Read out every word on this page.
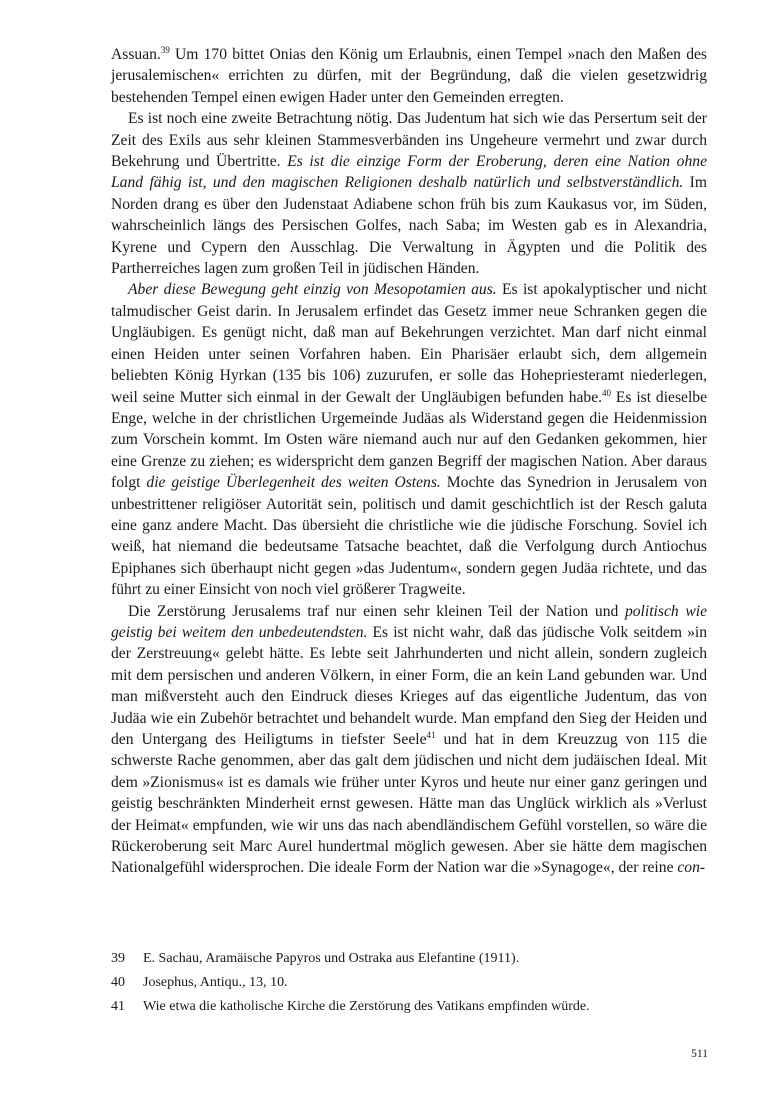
Assuan.$^{39}$ Um 170 bittet Onias den König um Erlaubnis, einen Tempel »nach den Maßen des jerusalemischen« errichten zu dürfen, mit der Begründung, daß die vielen gesetzwidrig bestehenden Tempel einen ewigen Hader unter den Gemeinden erregten.

Es ist noch eine zweite Betrachtung nötig. Das Judentum hat sich wie das Persertum seit der Zeit des Exils aus sehr kleinen Stammesverbänden ins Ungeheure vermehrt und zwar durch Bekehrung und Übertritte. Es ist die einzige Form der Eroberung, deren eine Nation ohne Land fähig ist, und den magischen Religionen deshalb natürlich und selbstverständlich. Im Norden drang es über den Judenstaat Adiabene schon früh bis zum Kaukasus vor, im Süden, wahrscheinlich längs des Persischen Golfes, nach Saba; im Westen gab es in Alexandria, Kyrene und Cypern den Ausschlag. Die Verwaltung in Ägypten und die Politik des Partherreiches lagen zum großen Teil in jüdischen Händen.

Aber diese Bewegung geht einzig von Mesopotamien aus. Es ist apokalyptischer und nicht talmudischer Geist darin. In Jerusalem erfindet das Gesetz immer neue Schranken gegen die Ungläubigen. Es genügt nicht, daß man auf Bekehrungen verzichtet. Man darf nicht einmal einen Heiden unter seinen Vorfahren haben. Ein Pharisäer erlaubt sich, dem allgemein beliebten König Hyrkan (135 bis 106) zuzurufen, er solle das Hohepriesteramt niederlegen, weil seine Mutter sich einmal in der Gewalt der Ungläubigen befunden habe.$^{40}$ Es ist dieselbe Enge, welche in der christlichen Urgemeinde Judäas als Widerstand gegen die Heidenmission zum Vorschein kommt. Im Osten wäre niemand auch nur auf den Gedanken gekommen, hier eine Grenze zu ziehen; es widerspricht dem ganzen Begriff der magischen Nation. Aber daraus folgt die geistige Überlegenheit des weiten Ostens. Mochte das Synedrion in Jerusalem von unbestrittener religiöser Autorität sein, politisch und damit geschichtlich ist der Resch galuta eine ganz andere Macht. Das übersieht die christliche wie die jüdische Forschung. Soviel ich weiß, hat niemand die bedeutsame Tatsache beachtet, daß die Verfolgung durch Antiochus Epiphanes sich überhaupt nicht gegen »das Judentum«, sondern gegen Judäa richtete, und das führt zu einer Einsicht von noch viel größerer Tragweite.

Die Zerstörung Jerusalems traf nur einen sehr kleinen Teil der Nation und politisch wie geistig bei weitem den unbedeutendsten. Es ist nicht wahr, daß das jüdische Volk seitdem »in der Zerstreuung« gelebt hätte. Es lebte seit Jahrhunderten und nicht allein, sondern zugleich mit dem persischen und anderen Völkern, in einer Form, die an kein Land gebunden war. Und man mißversteht auch den Eindruck dieses Krieges auf das eigentliche Judentum, das von Judäa wie ein Zubehör betrachtet und behandelt wurde. Man empfand den Sieg der Heiden und den Untergang des Heiligtums in tiefster Seele$^{41}$ und hat in dem Kreuzzug von 115 die schwerste Rache genommen, aber das galt dem jüdischen und nicht dem judäischen Ideal. Mit dem »Zionismus« ist es damals wie früher unter Kyros und heute nur einer ganz geringen und geistig beschränkten Minderheit ernst gewesen. Hätte man das Unglück wirklich als »Verlust der Heimat« empfunden, wie wir uns das nach abendländischem Gefühl vorstellen, so wäre die Rückeroberung seit Marc Aurel hundertmal möglich gewesen. Aber sie hätte dem magischen Nationalgefühl widersprochen. Die ideale Form der Nation war die »Synagoge«, der reine con-

39	E. Sachau, Aramäische Papyros und Ostraka aus Elefantine (1911).
40	Josephus, Antiqu., 13, 10.
41	Wie etwa die katholische Kirche die Zerstörung des Vatikans empfinden würde.
511
